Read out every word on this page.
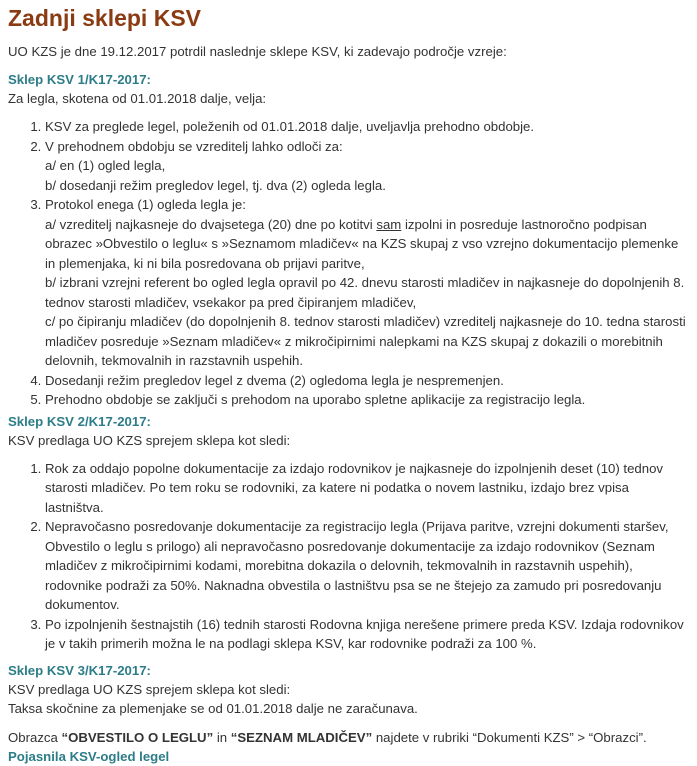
Zadnji sklepi KSV

UO KZS je dne 19.12.2017 potrdil naslednje sklepe KSV, ki zadevajo področje vzreje:

Sklep KSV 1/K17-2017:

Za legla, skotena od 01.01.2018 dalje, velja:

1. KSV za preglede legel, poleženih od 01.01.2018 dalje, uveljavlja prehodno obdobje.
2. V prehodnem obdobju se vzreditelj lahko odloči za:
a/ en (1) ogled legla,
b/ dosedanji režim pregledov legel, tj. dva (2) ogleda legla.
3. Protokol enega (1) ogleda legla je:
a/ vzreditelj najkasneje do dvajsetega (20) dne po kotitvi sam izpolni in posreduje lastnoročno podpisan obrazec »Obvestilo o leglu« s »Seznamom mladičev« na KZS skupaj z vso vzrejno dokumentacijo plemenke in plemenjaka, ki ni bila posredovana ob prijavi paritve,
b/ izbrani vzrejni referent bo ogled legla opravil po 42. dnevu starosti mladičev in najkasneje do dopolnjenih 8. tednov starosti mladičev, vsekakor pa pred čipiranjem mladičev,
c/ po čipiranju mladičev (do dopolnjenih 8. tednov starosti mladičev) vzreditelj najkasneje do 10. tedna starosti mladičev posreduje »Seznam mladičev« z mikročipirnimi nalepkami na KZS skupaj z dokazili o morebitnih delovnih, tekmovalnih in razstavnih uspehih.
4. Dosedanji režim pregledov legel z dvema (2) ogledoma legla je nespremenjen.
5. Prehodno obdobje se zaključi s prehodom na uporabo spletne aplikacije za registracijo legla.

Sklep KSV 2/K17-2017:

KSV predlaga UO KZS sprejem sklepa kot sledi:

1. Rok za oddajo popolne dokumentacije za izdajo rodovnikov je najkasneje do izpolnjenih deset (10) tednov starosti mladičev. Po tem roku se rodovniki, za katere ni podatka o novem lastniku, izdajo brez vpisa lastništva.
2. Nepravočasno posredovanje dokumentacije za registracijo legla (Prijava paritve, vzrejni dokumenti staršev, Obvestilo o leglu s prilogo) ali nepravočasno posredovanje dokumentacije za izdajo rodovnikov (Seznam mladičev z mikročipirnimi kodami, morebitna dokazila o delovnih, tekmovalnih in razstavnih uspehih), rodovnike podraži za 50%. Naknadna obvestila o lastništvu psa se ne štejejo za zamudo pri posredovanju dokumentov.
3. Po izpolnjenih šestnajstih (16) tednih starosti Rodovna knjiga nerešene primere preda KSV. Izdaja rodovnikov je v takih primerih možna le na podlagi sklepa KSV, kar rodovnike podraži za 100 %.

Sklep KSV 3/K17-2017:

KSV predlaga UO KZS sprejem sklepa kot sledi:

Taksa skočnine za plemenjake se od 01.01.2018 dalje ne zaračunava.

Obrazca “OBVESTILO O LEGLU” in “SEZNAM MLADIČEV” najdete v rubriki “Dokumenti KZS” > “Obrazci”.

Pojasnila KSV-ogled legel
